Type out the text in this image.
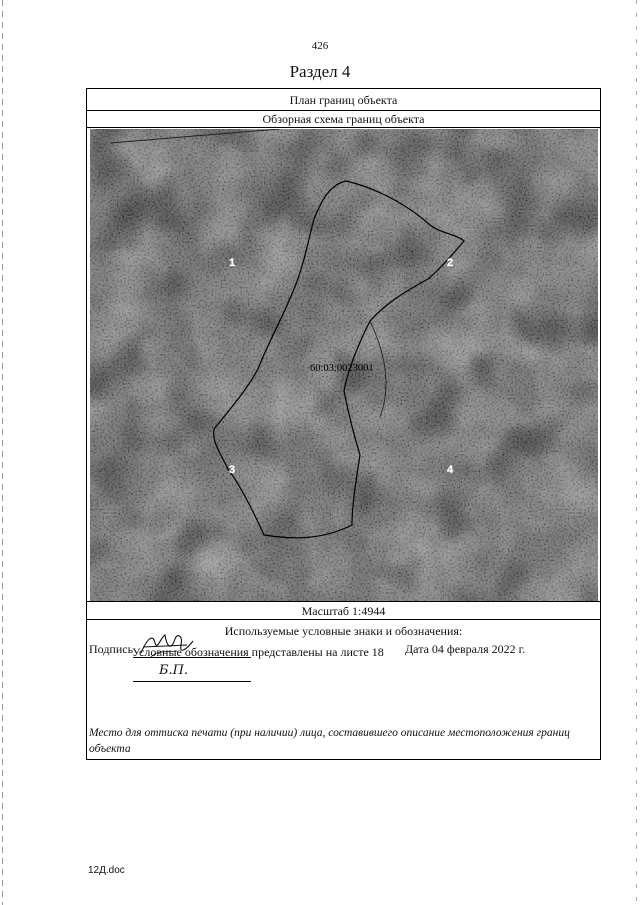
426
Раздел 4
План границ объекта
Обзорная схема границ объекта
1	2
3	4
60:03:0023001
Масштаб 1:4944
Используемые условные знаки и обозначения:
Условные обозначения представлены на листе 18
Подпись
Б.П.
Дата 04 февраля 2022 г.
Место для оттиска печати (при наличии) лица, составившего описание местоположения границ объекта
12Д.doc
